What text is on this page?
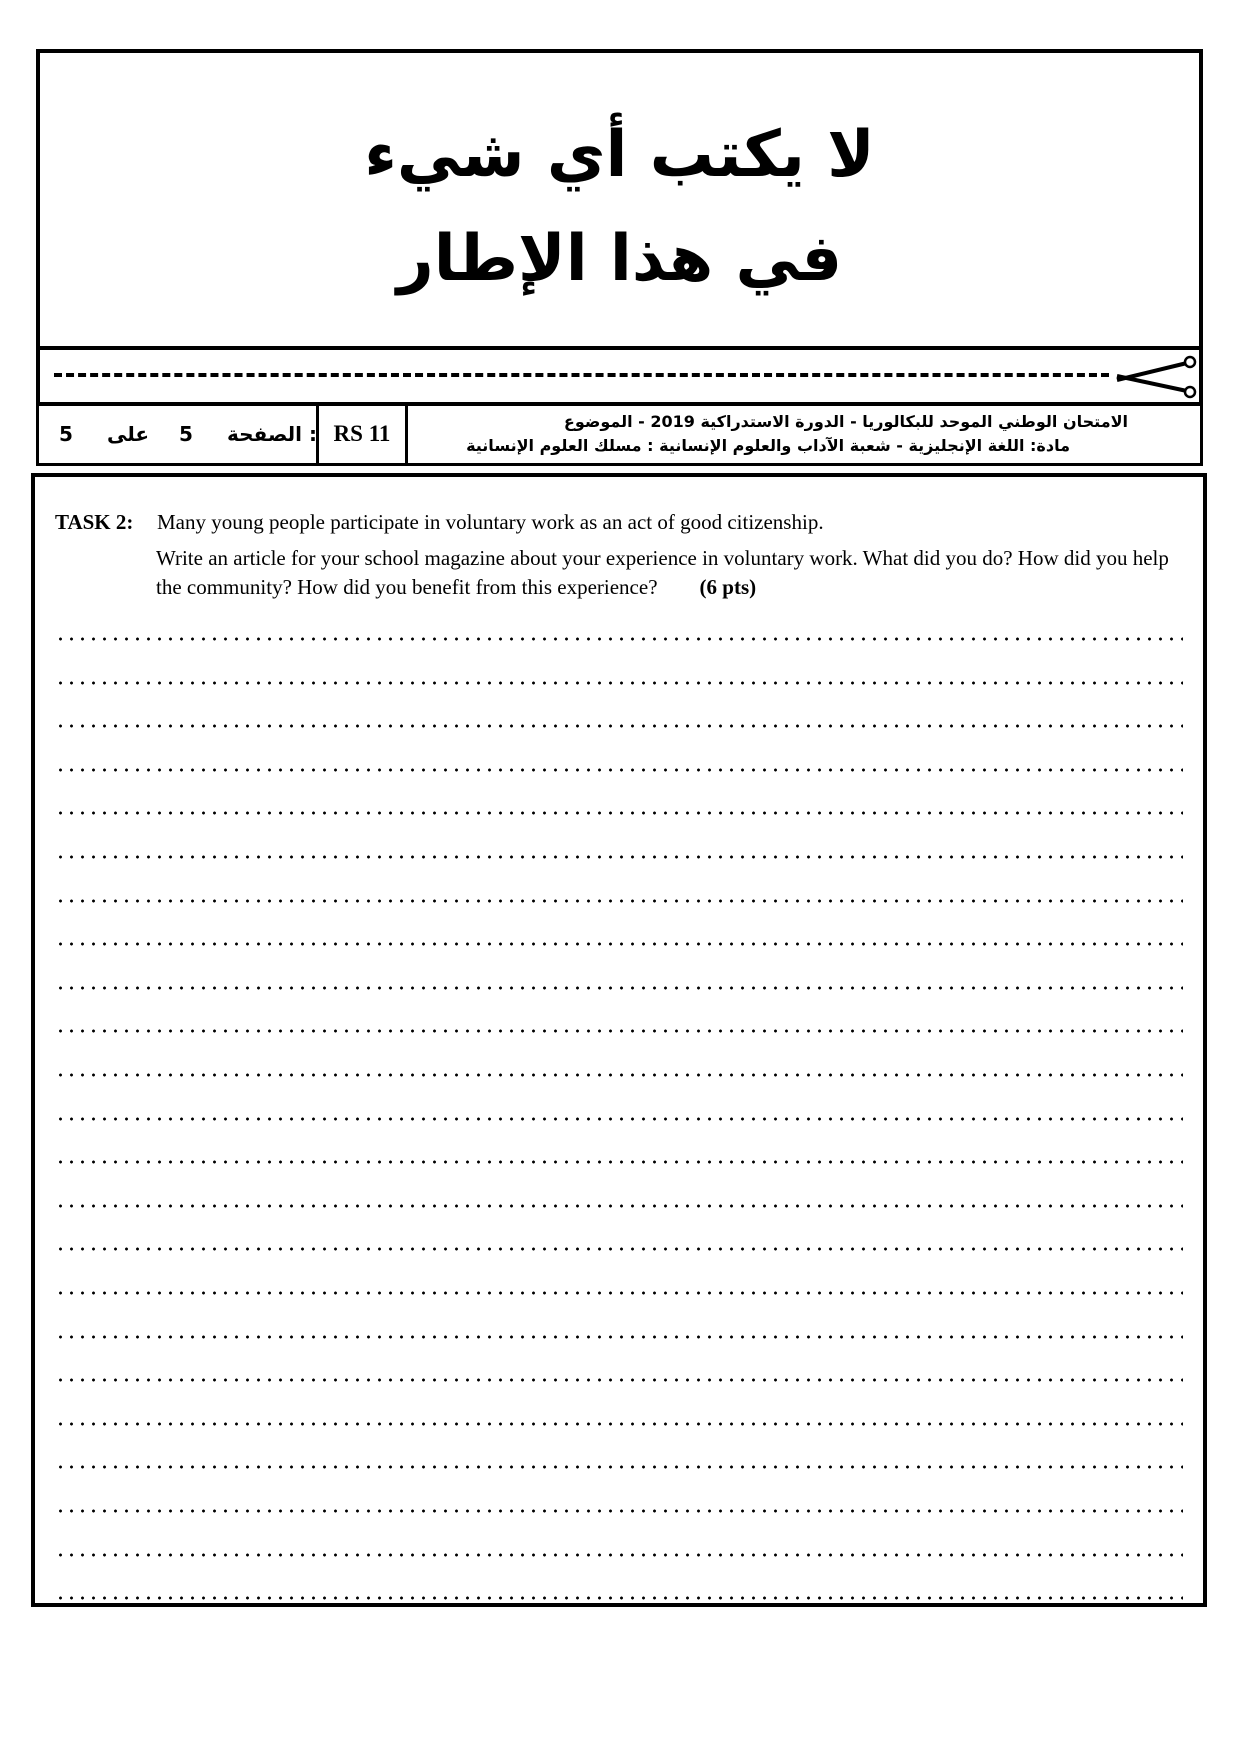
لا يكتب أي شيء
في هذا الإطار
5 على 5 الصفحة : RS 11	الامتحان الوطني الموحد للبكالوريا - الدورة الاستدراكية 2019 - الموضوع
مادة: اللغة الإنجليزية - شعبة الآداب والعلوم الإنسانية : مسلك العلوم الإنسانية
TASK 2: Many young people participate in voluntary work as an act of good citizenship.
Write an article for your school magazine about your experience in voluntary work. What did you do? How did you help the community? How did you benefit from this experience? (6 pts)
